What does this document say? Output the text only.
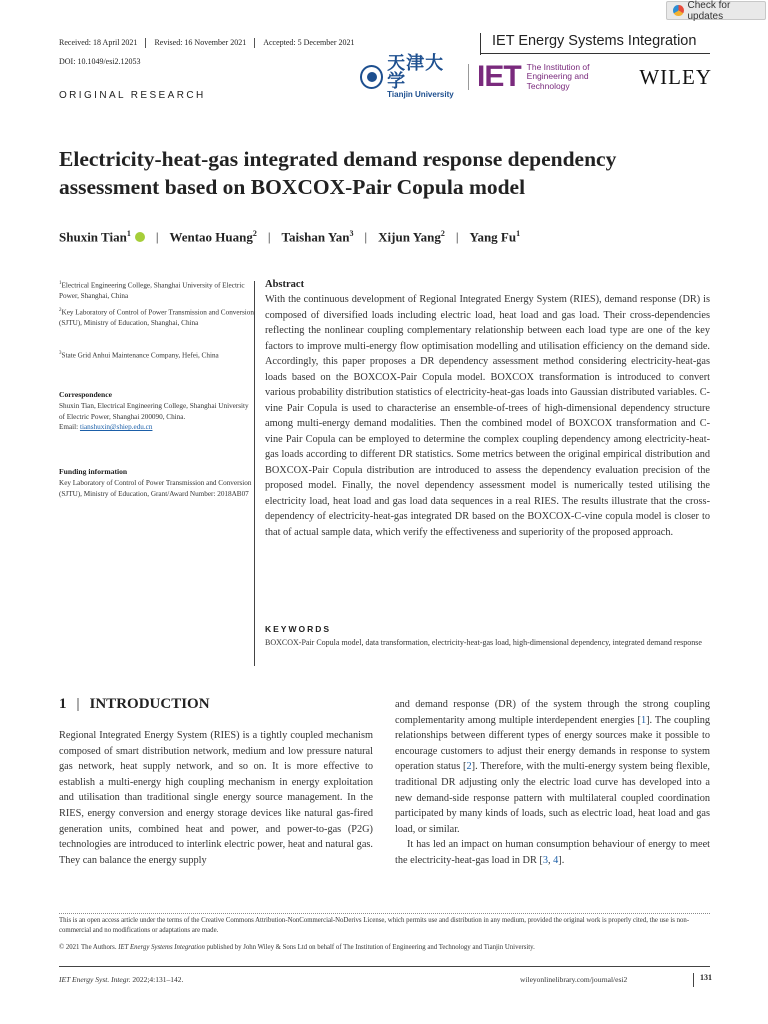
Check for updates
Received: 18 April 2021 Revised: 16 November 2021 Accepted: 5 December 2021
DOI: 10.1049/esi2.12053
IET Energy Systems Integration
天津大学
Tianjin University
IET The Institution of
Engineering and Technology	WILEY
ORIGINAL RESEARCH
Electricity-heat-gas integrated demand response dependency
assessment based on BOXCOX-Pair Copula model
Shuxin Tian$^1$ | Wentao Huang$^2$ | Taishan Yan$^3$ | Xijun Yang$^2$ | Yang Fu$^1$
$^1$Electrical Engineering College, Shanghai University of Electric Power, Shanghai, China
$^2$Key Laboratory of Control of Power Transmission and Conversion (SJTU), Ministry of Education, Shanghai, China
$^3$State Grid Anhui Maintenance Company, Hefei, China
Correspondence
Shuxin Tian, Electrical Engineering College, Shanghai University of Electric Power, Shanghai 200090, China.
Email: tianshuxin@shiep.edu.cn
Funding information
Key Laboratory of Control of Power Transmission and Conversion (SJTU), Ministry of Education, Grant/Award Number: 2018AB07
Abstract
With the continuous development of Regional Integrated Energy System (RIES), demand response (DR) is composed of diversified loads including electric load, heat load and gas load. Their cross-dependencies reflecting the nonlinear coupling complementary relationship between each load type are one of the key factors to improve multi-energy flow optimisation modelling and utilisation efficiency on the demand side. Accordingly, this paper proposes a DR dependency assessment method considering electricity-heat-gas loads based on the BOXCOX-Pair Copula model. BOXCOX transformation is introduced to convert various probability distribution statistics of electricity-heat-gas loads into Gaussian distributed variables. C-vine Pair Copula is used to characterise an ensemble-of-trees of high-dimensional dependency structure among multi-energy demand modalities. Then the combined model of BOXCOX transformation and C-vine Pair Copula can be employed to determine the complex coupling dependency among electricity-heat-gas loads according to different DR statistics. Some metrics between the original empirical distribution and BOXCOX-Pair Copula distribution are introduced to assess the dependency evaluation precision of the proposed model. Finally, the novel dependency assessment model is numerically tested utilising the electricity load, heat load and gas load data sequences in a real RIES. The results illustrate that the cross-dependency of electricity-heat-gas integrated DR based on the BOXCOX-C-vine copula model is closer to that of actual sample data, which verify the effectiveness and superiority of the proposed approach.
KEYWORDS
BOXCOX-Pair Copula model, data transformation, electricity-heat-gas load, high-dimensional dependency, integrated demand response
1 | INTRODUCTION
Regional Integrated Energy System (RIES) is a tightly coupled mechanism composed of smart distribution network, medium and low pressure natural gas network, heat supply network, and so on. It is more effective to establish a multi-energy high coupling mechanism in energy exploitation and utilisation than traditional single energy source management. In the RIES, energy conversion and energy storage devices like natural gas-fired generation units, combined heat and power, and power-to-gas (P2G) technologies are introduced to interlink electric power, heat and natural gas. They can balance the energy supply

and demand response (DR) of the system through the strong coupling complementarity among multiple interdependent energies [1]. The coupling relationships between different types of energy sources make it possible to encourage customers to adjust their energy demands in response to system operation status [2]. Therefore, with the multi-energy system being flexible, traditional DR adjusting only the electric load curve has developed into a new demand-side response pattern with multilateral coupled coordination participated by many kinds of loads, such as electric load, heat load and gas load, or similar.

It has led an impact on human consumption behaviour of energy to meet the electricity-heat-gas load in DR [3, 4].

This is an open access article under the terms of the Creative Commons Attribution-NonCommercial-NoDerivs License, which permits use and distribution in any medium, provided the original work is properly cited, the use is non-commercial and no modifications or adaptations are made.
© 2021 The Authors. IET Energy Systems Integration published by John Wiley & Sons Ltd on behalf of The Institution of Engineering and Technology and Tianjin University.
IET Energy Syst. Integr. 2022;4:131–142.	wileyonlinelibrary.com/journal/esi2	131
